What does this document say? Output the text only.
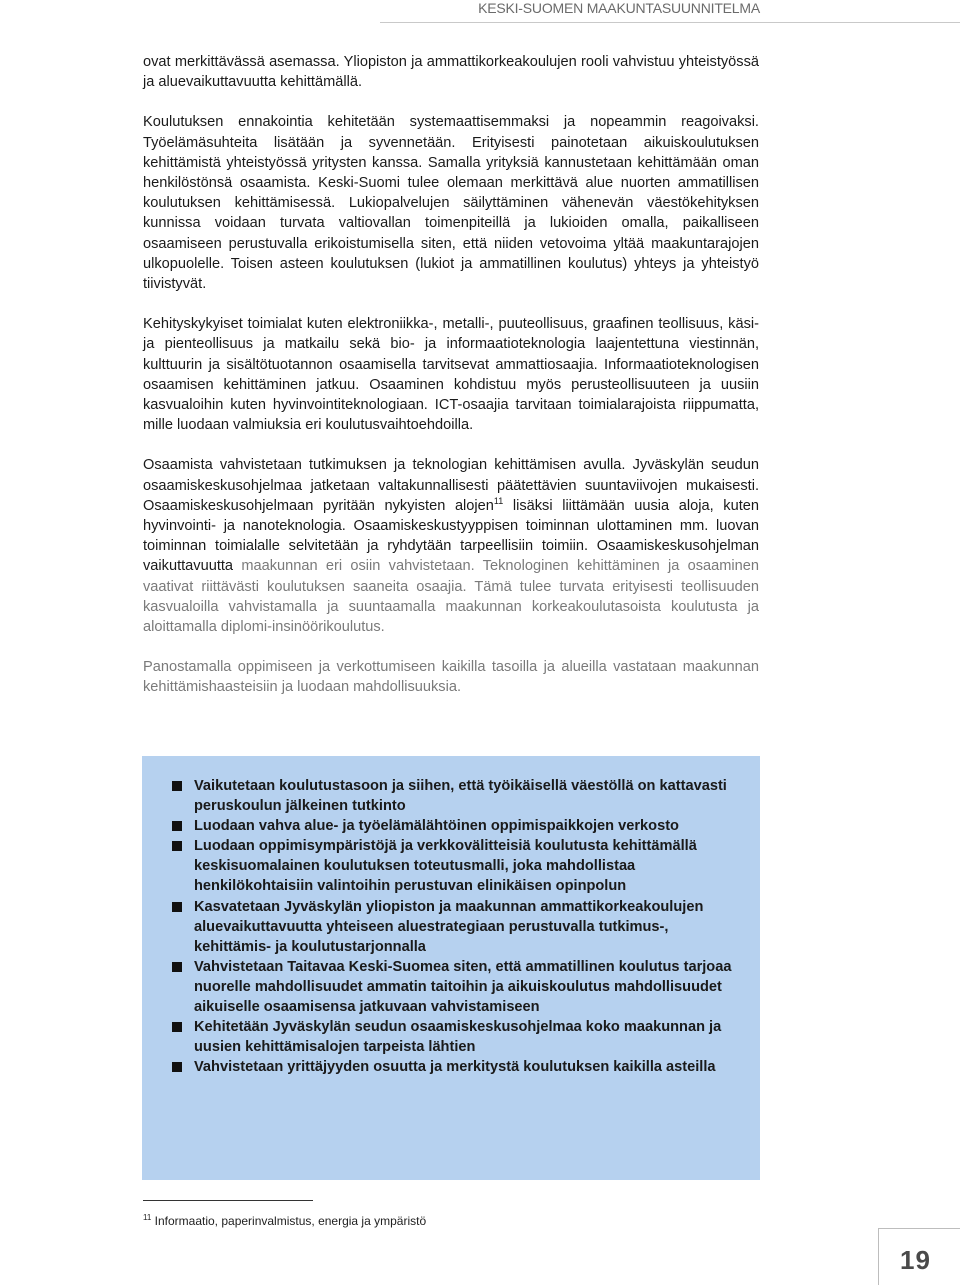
KESKI-SUOMEN MAAKUNTASUUNNITELMA

ovat merkittävässä asemassa. Yliopiston ja ammattikorkeakoulujen rooli vahvistuu yhteistyössä ja aluevaikuttavuutta kehittämällä.

Koulutuksen ennakointia kehitetään systemaattisemmaksi ja nopeammin reagoivaksi. Työelämäsuhteita lisätään ja syvennetään. Erityisesti painotetaan aikuiskoulutuksen kehittämistä yhteistyössä yritysten kanssa. Samalla yrityksiä kannustetaan kehittämään oman henkilöstönsä osaamista. Keski-Suomi tulee olemaan merkittävä alue nuorten ammatillisen koulutuksen kehittämisessä. Lukiopalvelujen säilyttäminen vähenevän väestökehityksen kunnissa voidaan turvata valtiovallan toimenpiteillä ja lukioiden omalla, paikalliseen osaamiseen perustuvalla erikoistumisella siten, että niiden vetovoima yltää maakuntarajojen ulkopuolelle. Toisen asteen koulutuksen (lukiot ja ammatillinen koulutus) yhteys ja yhteistyö tiivistyvät.

Kehityskykyiset toimialat kuten elektroniikka-, metalli-, puuteollisuus, graafinen teollisuus, käsi- ja pienteollisuus ja matkailu sekä bio- ja informaatioteknologia laajentettuna viestinnän, kulttuurin ja sisältötuotannon osaamisella tarvitsevat ammattiosaajia. Informaatioteknologisen osaamisen kehittäminen jatkuu. Osaaminen kohdistuu myös perusteollisuuteen ja uusiin kasvualoihin kuten hyvinvointiteknologiaan. ICT-osaajia tarvitaan toimialarajoista riippumatta, mille luodaan valmiuksia eri koulutusvaihtoehdoilla.

Osaamista vahvistetaan tutkimuksen ja teknologian kehittämisen avulla. Jyväskylän seudun osaamiskeskusohjelmaa jatketaan valtakunnallisesti päätettävien suuntaviivojen mukaisesti. Osaamiskeskusohjelmaan pyritään nykyisten alojen$^{11}$ lisäksi liittämään uusia aloja, kuten hyvinvointi- ja nanoteknologia. Osaamiskeskustyyppisen toiminnan ulottaminen mm. luovan toiminnan toimialalle selvitetään ja ryhdytään tarpeellisiin toimiin. Osaamiskeskusohjelman vaikuttavuutta maakunnan eri osiin vahvistetaan. Teknologinen kehittäminen ja osaaminen vaativat riittävästi koulutuksen saaneita osaajia. Tämä tulee turvata erityisesti teollisuuden kasvualoilla vahvistamalla ja suuntaamalla maakunnan korkeakoulutasoista koulutusta ja aloittamalla diplomi-insinöörikoulutus.

Panostamalla oppimiseen ja verkottumiseen kaikilla tasoilla ja alueilla vastataan maakunnan kehittämishaasteisiin ja luodaan mahdollisuuksia.

Vaikutetaan koulutustasoon ja siihen, että työikäisellä väestöllä on kattavasti peruskoulun jälkeinen tutkinto
Luodaan vahva alue- ja työelämälähtöinen oppimispaikkojen verkosto
Luodaan oppimisympäristöjä ja verkkovälitteisiä koulutusta kehittämällä keskisuomalainen koulutuksen toteutusmalli, joka mahdollistaa henkilökohtaisiin valintoihin perustuvan elinikäisen opinpolun
Kasvatetaan Jyväskylän yliopiston ja maakunnan ammattikorkeakoulujen aluevaikuttavuutta yhteiseen aluestrategiaan perustuvalla tutkimus-, kehittämis- ja koulutustarjonnalla
Vahvistetaan Taitavaa Keski-Suomea siten, että ammatillinen koulutus tarjoaa nuorelle mahdollisuudet ammatin taitoihin ja aikuiskoulutus mahdollisuudet aikuiselle osaamisensa jatkuvaan vahvistamiseen
Kehitetään Jyväskylän seudun osaamiskeskusohjelmaa koko maakunnan ja uusien kehittämisalojen tarpeista lähtien
Vahvistetaan yrittäjyyden osuutta ja merkitystä koulutuksen kaikilla asteilla
$^{11}$ Informaatio, paperinvalmistus, energia ja ympäristö
19
